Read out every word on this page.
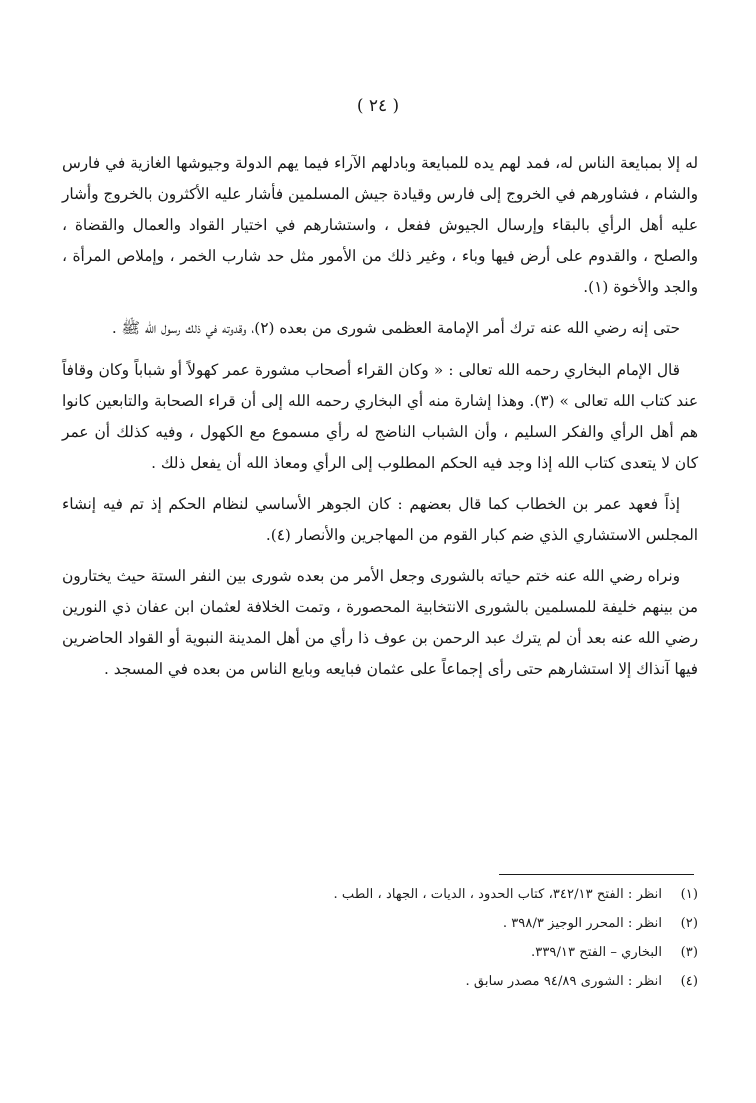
( ٢٤ )

له إلا بمبايعة الناس له، فمد لهم يده للمبايعة وبادلهم الآراء فيما يهم الدولة وجيوشها الغازية في فارس والشام ، فشاورهم في الخروج إلى فارس وقيادة جيش المسلمين فأشار عليه الأكثرون بالخروج وأشار عليه أهل الرأي بالبقاء وإرسال الجيوش ففعل ، واستشارهم في اختيار القواد والعمال والقضاة ، والصلح ، والقدوم على أرض فيها وباء ، وغير ذلك من الأمور مثل حد شارب الخمر ، وإملاص المرأة ، والجد والأخوة (١).

حتى إنه رضي الله عنه ترك أمر الإمامة العظمى شورى من بعده (٢)، وقدوته في ذلك رسول الله ﷺ .

قال الإمام البخاري رحمه الله تعالى : « وكان القراء أصحاب مشورة عمر كهولاً أو شباباً وكان وقافاً عند كتاب الله تعالى » (٣). وهذا إشارة منه أي البخاري رحمه الله إلى أن قراء الصحابة والتابعين كانوا هم أهل الرأي والفكر السليم ، وأن الشباب الناضج له رأي مسموع مع الكهول ، وفيه كذلك أن عمر كان لا يتعدى كتاب الله إذا وجد فيه الحكم المطلوب إلى الرأي ومعاذ الله أن يفعل ذلك .

إذاً فعهد عمر بن الخطاب كما قال بعضهم : كان الجوهر الأساسي لنظام الحكم إذ تم فيه إنشاء المجلس الاستشاري الذي ضم كبار القوم من المهاجرين والأنصار (٤).

ونراه رضي الله عنه ختم حياته بالشورى وجعل الأمر من بعده شورى بين النفر الستة حيث يختارون من بينهم خليفة للمسلمين بالشورى الانتخابية المحصورة ، وتمت الخلافة لعثمان ابن عفان ذي النورين رضي الله عنه بعد أن لم يترك عبد الرحمن بن عوف ذا رأي من أهل المدينة النبوية أو القواد الحاضرين فيها آنذاك إلا استشارهم حتى رأى إجماعاً على عثمان فبايعه وبايع الناس من بعده في المسجد .

(١)انظر : الفتح ٣٤٢/١٣، كتاب الحدود ، الديات ، الجهاد ، الطب .
(٢)انظر : المحرر الوجيز ٣٩٨/٣ .
(٣)البخاري – الفتح ٣٣٩/١٣.
(٤)انظر : الشورى ٩٤/٨٩ مصدر سابق .
